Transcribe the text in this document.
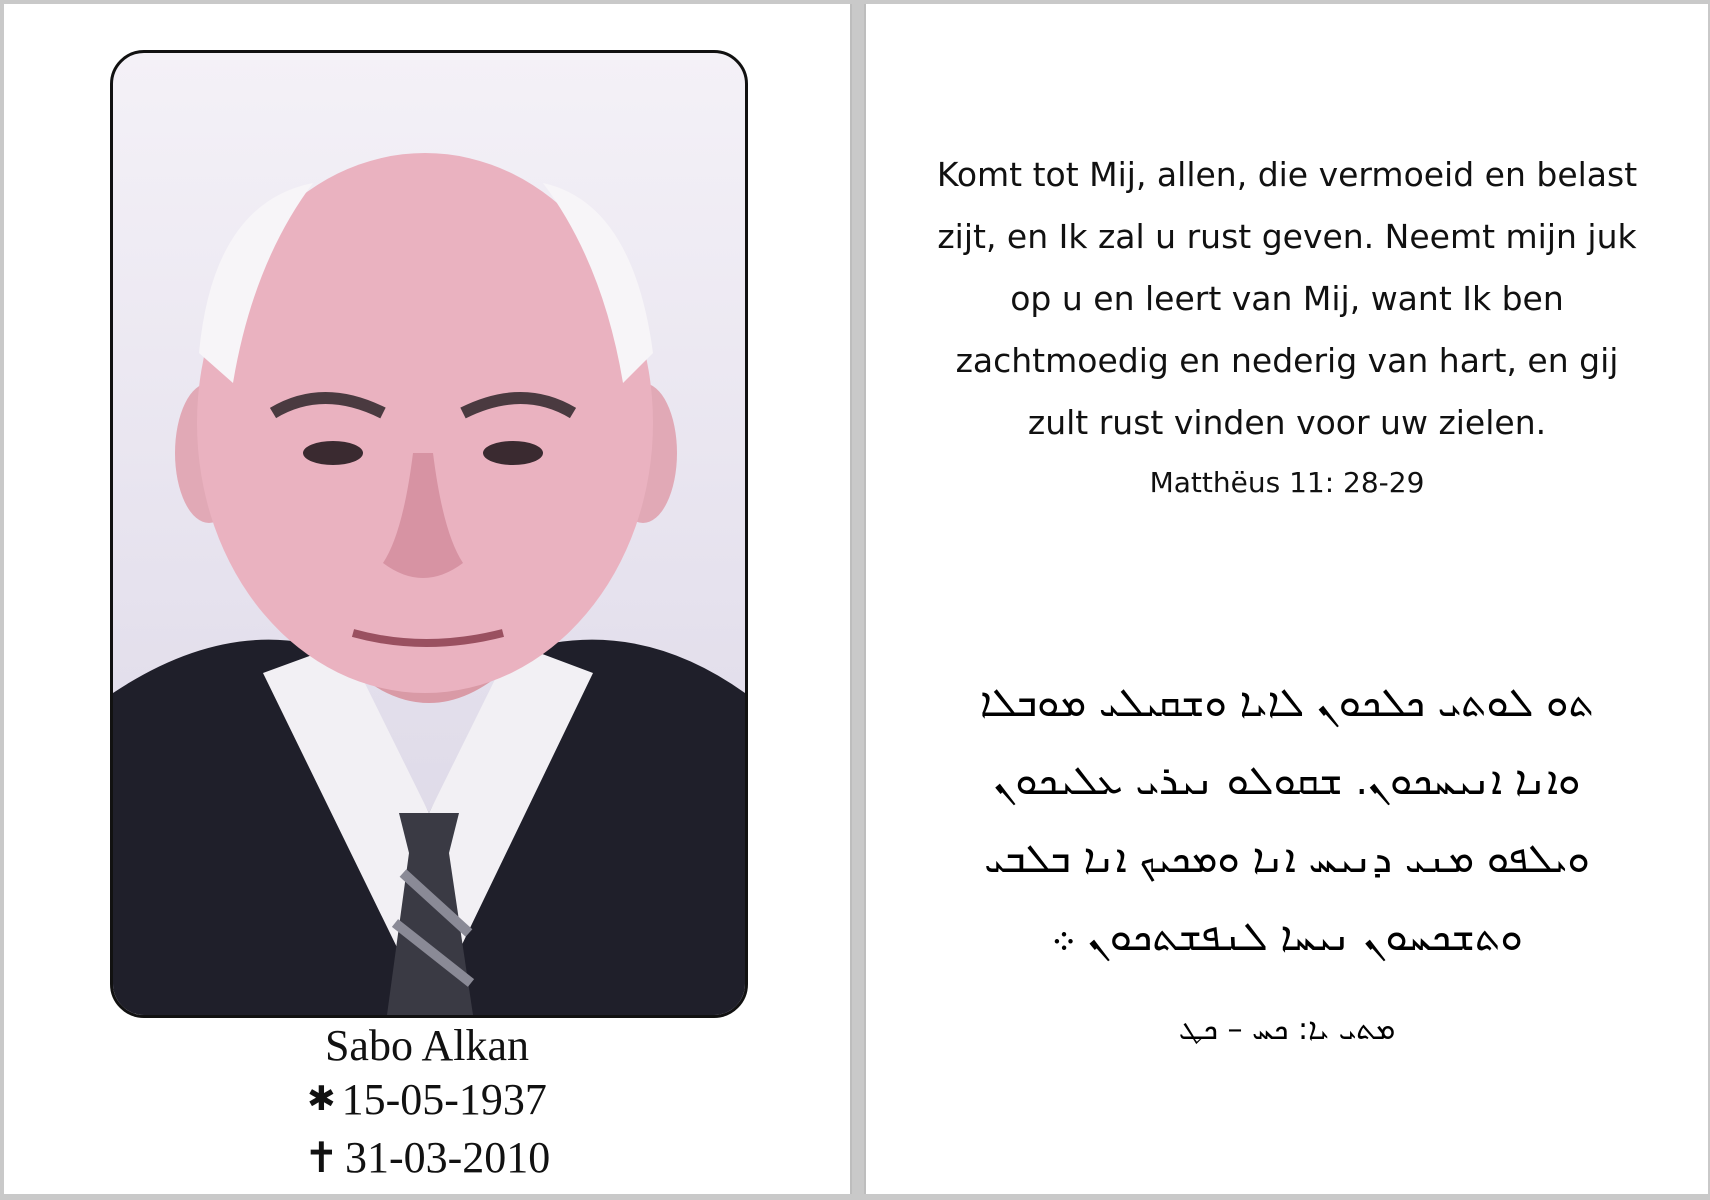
Sabo Alkan
✱ 15-05-1937
✝ 31-03-2010
Komt tot Mij, allen, die vermoeid en belast
zijt, en Ik zal u rust geven. Neemt mijn juk
op u en leert van Mij, want Ik ben
zachtmoedig en nederig van hart, en gij
zult rust vinden voor uw zielen.
Matthëus 11: 28-29
ܬܘ ܠܘܬܝ ܟܠܟܘܢ ܠܐܝܐ ܘܫܩܝܠܝ ܡܘܒܠܐ
ܘܐܢܐ ܐܢܝܚܟܘܢ. ܫܩܘܠܘ ܢܝܪܝ ܥܠܝܟܘܢ
ܘܝܠܦܘ ܡܢܝ ܕܢܝܚ ܐܢܐ ܘܡܟܝܟ ܐܢܐ ܒܠܒܝ
ܘܬܫܟܚܘܢ ܢܝܚܐ ܠܢܦܫܬܟܘܢ ܀
ܡܬܝ ܝܐ: ܟܚ – ܟܛ
